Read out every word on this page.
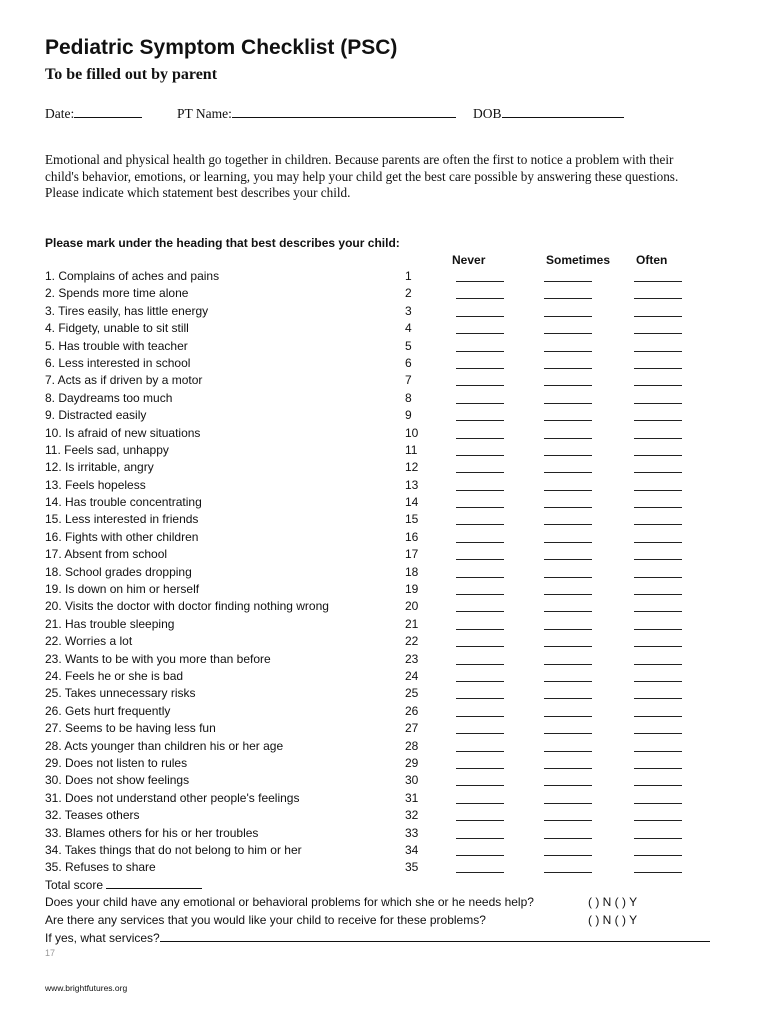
Pediatric Symptom Checklist (PSC)
To be filled out by parent
Date:	PT Name:	DOB

Emotional and physical health go together in children. Because parents are often the first to notice a problem with their

child's behavior, emotions, or learning, you may help your child get the best care possible by answering these questions.

Please indicate which statement best describes your child.

Please mark under the heading that best describes your child:
Never	Sometimes Often
1. Complains of aches and pains	1
2. Spends more time alone	2
3. Tires easily, has little energy	3
4. Fidgety, unable to sit still	4
5. Has trouble with teacher	5
6. Less interested in school	6
7. Acts as if driven by a motor	7
8. Daydreams too much	8
9. Distracted easily	9
10. Is afraid of new situations	10
11. Feels sad, unhappy	11
12. Is irritable, angry	12
13. Feels hopeless	13
14. Has trouble concentrating	14
15. Less interested in friends	15
16. Fights with other children	16
17. Absent from school	17
18. School grades dropping	18
19. Is down on him or herself	19
20. Visits the doctor with doctor finding nothing wrong	20
21. Has trouble sleeping	21
22. Worries a lot	22
23. Wants to be with you more than before	23
24. Feels he or she is bad	24
25. Takes unnecessary risks	25
26. Gets hurt frequently	26
27. Seems to be having less fun	27
28. Acts younger than children his or her age	28
29. Does not listen to rules	29
30. Does not show feelings	30
31. Does not understand other people's feelings	31
32. Teases others	32
33. Blames others for his or her troubles	33
34. Takes things that do not belong to him or her	34
35. Refuses to share	35
Total score
Does your child have any emotional or behavioral problems for which she or he needs help?	( ) N ( ) Y
Are there any services that you would like your child to receive for these problems?	( ) N ( ) Y
If yes, what services?
17
www.brightfutures.org
